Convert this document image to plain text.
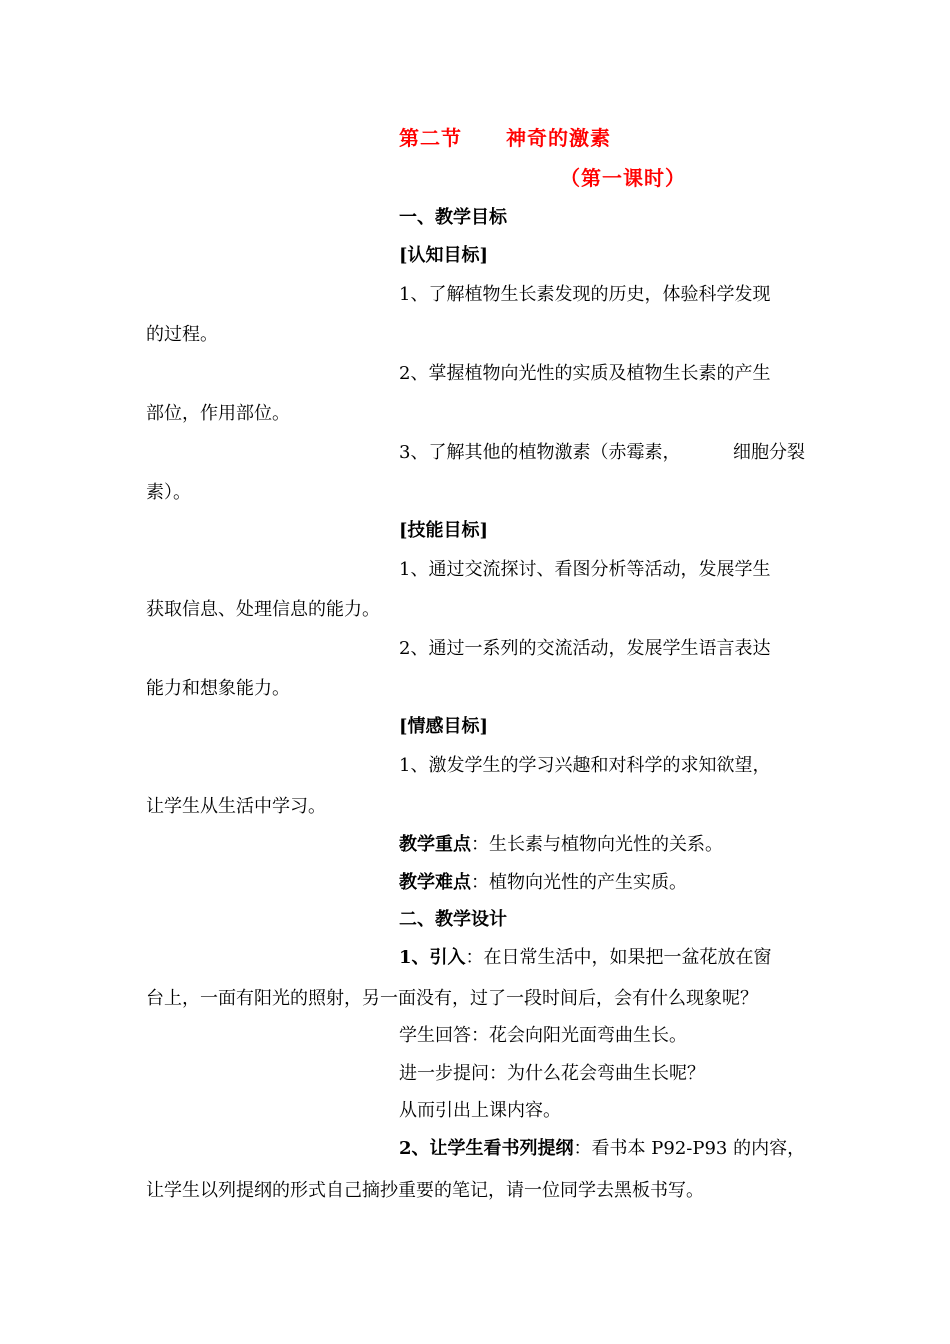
第二节 神奇的激素
（第一课时）
一、教学目标
[认知目标]
1、了解植物生长素发现的历史，体验科学发现
的过程。
2、掌握植物向光性的实质及植物生长素的产生
部位，作用部位。
3、了解其他的植物激素（赤霉素，	细胞分裂
素）。
[技能目标]
1、通过交流探讨、看图分析等活动，发展学生
获取信息、处理信息的能力。
2、通过一系列的交流活动，发展学生语言表达
能力和想象能力。
[情感目标]
1、激发学生的学习兴趣和对科学的求知欲望，
让学生从生活中学习。
教学重点：生长素与植物向光性的关系。
教学难点：植物向光性的产生实质。
二、教学设计
1、引入：在日常生活中，如果把一盆花放在窗
台上，一面有阳光的照射，另一面没有，过了一段时间后，会有什么现象呢？
学生回答：花会向阳光面弯曲生长。
进一步提问：为什么花会弯曲生长呢？
从而引出上课内容。
2、让学生看书列提纲：看书本 P92-P93 的内容，
让学生以列提纲的形式自己摘抄重要的笔记，请一位同学去黑板书写。
